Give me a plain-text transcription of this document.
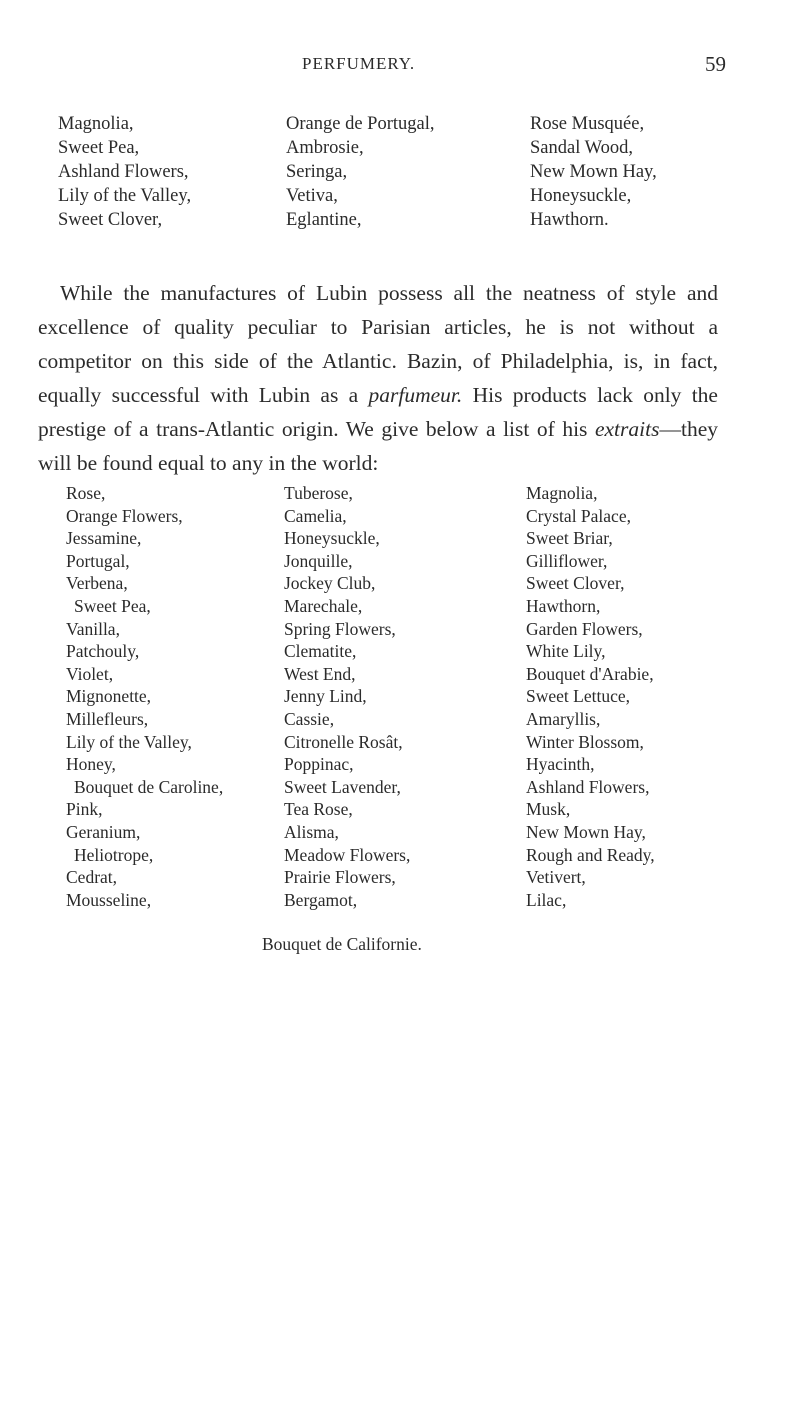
PERFUMERY.	59
Magnolia,
Sweet Pea,
Ashland Flowers,
Lily of the Valley,
Sweet Clover,
Orange de Portugal,
Ambrosie,
Seringa,
Vetiva,
Eglantine,
Rose Musquée,
Sandal Wood,
New Mown Hay,
Honeysuckle,
Hawthorn.

While the manufactures of Lubin possess all the neatness of style and excellence of quality peculiar to Parisian articles, he is not without a competitor on this side of the Atlantic. Bazin, of Philadelphia, is, in fact, equally successful with Lubin as a parfumeur. His products lack only the prestige of a trans-Atlantic origin. We give below a list of his extraits—they will be found equal to any in the world:

Rose,
Orange Flowers,
Jessamine,
Portugal,
Verbena,
Sweet Pea,
Vanilla,
Patchouly,
Violet,
Mignonette,
Millefleurs,
Lily of the Valley,
Honey,
Bouquet de Caroline,
Pink,
Geranium,
Heliotrope,
Cedrat,
Mousseline,
Tuberose,
Camelia,
Honeysuckle,
Jonquille,
Jockey Club,
Marechale,
Spring Flowers,
Clematite,
West End,
Jenny Lind,
Cassie,
Citronelle Rosât,
Poppinac,
Sweet Lavender,
Tea Rose,
Alisma,
Meadow Flowers,
Prairie Flowers,
Bergamot,
Magnolia,
Crystal Palace,
Sweet Briar,
Gilliflower,
Sweet Clover,
Hawthorn,
Garden Flowers,
White Lily,
Bouquet d'Arabie,
Sweet Lettuce,
Amaryllis,
Winter Blossom,
Hyacinth,
Ashland Flowers,
Musk,
New Mown Hay,
Rough and Ready,
Vetivert,
Lilac,
Bouquet de Californie.
